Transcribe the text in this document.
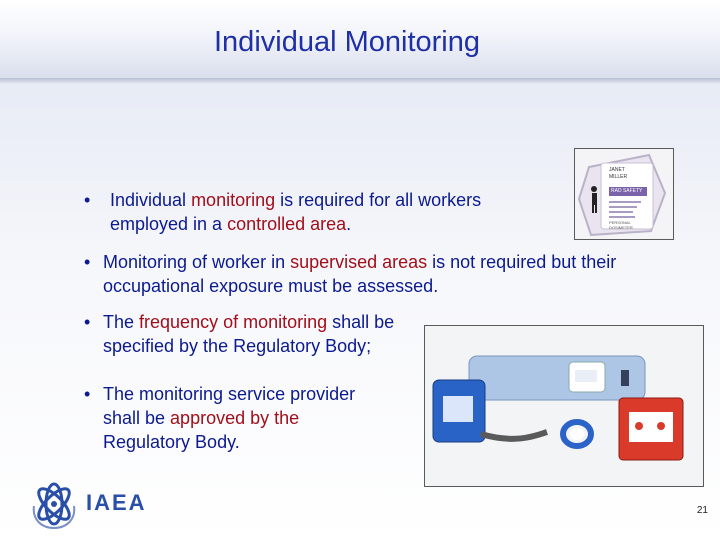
Individual Monitoring
• Individual monitoring is required for all workers employed in a controlled area.
• Monitoring of worker in supervised areas is not required but their occupational exposure must be assessed.
• The frequency of monitoring shall be specified by the Regulatory Body;
• The monitoring service provider shall be approved by the Regulatory Body.
JANET
MILLER
RAD SAFETY
PERSONAL
DOSIMETER
IAEA	21
